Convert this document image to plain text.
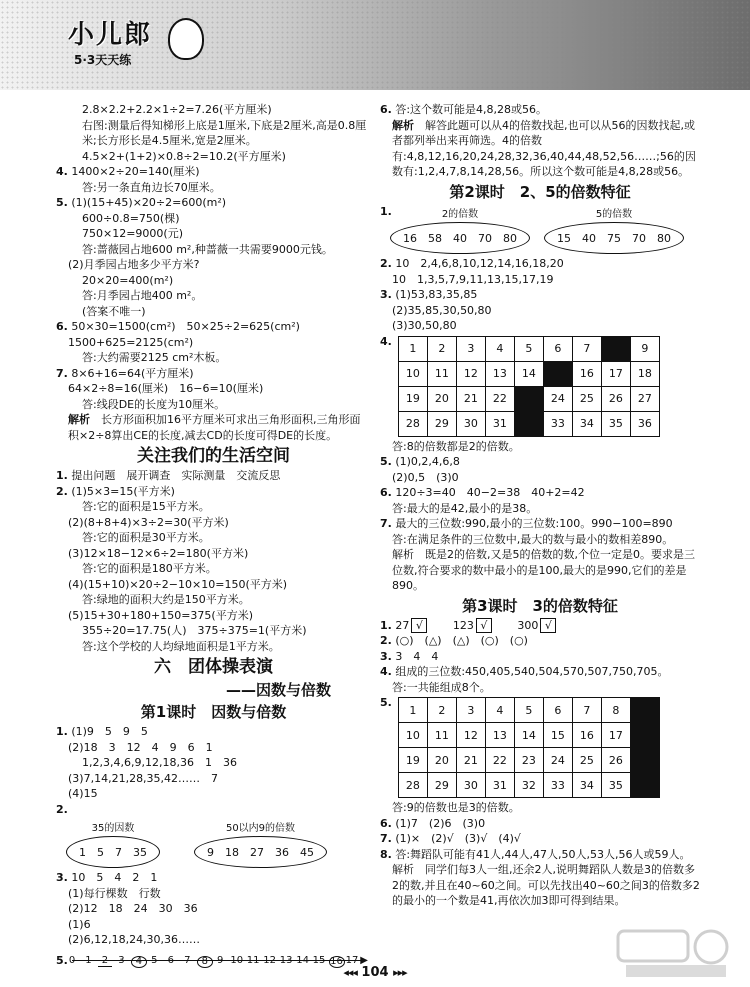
小儿郎
5·3天天练
2.8×2.2+2.2×1÷2=7.26(平方厘米)
右图:测量后得知梯形上底是1厘米,下底是2厘米,高是0.8厘米;长方形长是4.5厘米,宽是2厘米。
4.5×2+(1+2)×0.8÷2=10.2(平方厘米)
4. 1400×2÷20=140(厘米)
答:另一条直角边长70厘米。
5. (1)(15+45)×20÷2=600(m²)
600÷0.8=750(棵)
750×12=9000(元)
答:蔷薇园占地600 m²,种蔷薇一共需要9000元钱。
(2)月季园占地多少平方米?
20×20=400(m²)
答:月季园占地400 m²。
(答案不唯一)
6. 50×30=1500(cm²)　 50×25÷2=625(cm²)
1500+625=2125(cm²)
答:大约需要2125 cm²木板。
7. 8×6+16=64(平方厘米)
64×2÷8=16(厘米)　 16−6=10(厘米)
答:线段DE的长度为10厘米。
解析　 长方形面积加16平方厘米可求出三角形面积,三角形面积×2÷8算出CE的长度,减去CD的长度可得DE的长度。
关注我们的生活空间
1. 提出问题　 展开调查　 实际测量　 交流反思
2. (1)5×3=15(平方米)
答:它的面积是15平方米。
(2)(8+8+4)×3÷2=30(平方米)
答:它的面积是30平方米。
(3)12×18−12×6÷2=180(平方米)
答:它的面积是180平方米。
(4)(15+10)×20÷2−10×10=150(平方米)
答:绿地的面积大约是150平方米。
(5)15+30+180+150=375(平方米)
355÷20=17.75(人)　 375÷375=1(平方米)
答:这个学校的人均绿地面积是1平方米。
六　团体操表演
——因数与倍数
第1课时　因数与倍数
1. (1)9　5　9　5
(2)18　3　12　4　9　6　1
1,2,3,4,6,9,12,18,36　1　36
(3)7,14,21,28,35,42……　7
(4)15
2.
35的因数
1　5　7　35
50以内9的倍数
9　18　27　36　45
3. 10　5　4　2　1
(1)每行棵数　行数
(2)12　18　24　30　36
(1)6
(2)6,12,18,24,30,36……
5.	▶
0	1	2	3	4 5	6	7	8 9 10 11 12 13 14 15 16 17
6. 答:这个数可能是4,8,28或56。
解析　 解答此题可以从4的倍数找起,也可以从56的因数找起,或者都列举出来再筛选。4的倍数有:4,8,12,16,20,24,28,32,36,40,44,48,52,56……;56的因数有:1,2,4,7,8,14,28,56。所以这个数可能是4,8,28或56。
第2课时　2、5的倍数特征
1.	2的倍数
16　58　40　70　80
5的倍数
15　40　75　70　80
2. 10　2,4,6,8,10,12,14,16,18,20
10　1,3,5,7,9,11,13,15,17,19
3. (1)53,83,35,85
(2)35,85,30,50,80
(3)30,50,80
4.
1	2	3	4	5	6	7		9
10	11	12	13	14		16	17	18
19	20	21	22		24	25	26	27
28	29	30	31		33	34	35	36
答:8的倍数都是2的倍数。
5. (1)0,2,4,6,8
(2)0,5　(3)0
6. 120÷3=40　40−2=38　40+2=42
答:最大的是42,最小的是38。
7. 最大的三位数:990,最小的三位数:100。990−100=890
答:在满足条件的三位数中,最大的数与最小的数相差890。
解析　既是2的倍数,又是5的倍数的数,个位一定是0。要求是三位数,符合要求的数中最小的是100,最大的是990,它们的差是890。
第3课时　3的倍数特征
1. 27 √ 　　	123 √ 　　	300 √
2. (○)　(△)　(△)　(○)　(○)
3. 3　4　4
4. 组成的三位数:450,405,540,504,570,507,750,705。
答:一共能组成8个。
5.
1	2	3	4	5	6	7	8	
10	11	12	13	14	15	16	17	
19	20	21	22	23	24	25	26	
28	29	30	31	32	33	34	35	
答:9的倍数也是3的倍数。
6. (1)7　(2)6　(3)0
7. (1)×　(2)√　(3)√　(4)√
8. 答:舞蹈队可能有41人,44人,47人,50人,53人,56人或59人。
解析　同学们每3人一组,还余2人,说明舞蹈队人数是3的倍数多2的数,并且在40~60之间。可以先找出40~60之间3的倍数多2的最小的一个数是41,再依次加3即可得到结果。
◂◂◂ 104 ▸▸▸
